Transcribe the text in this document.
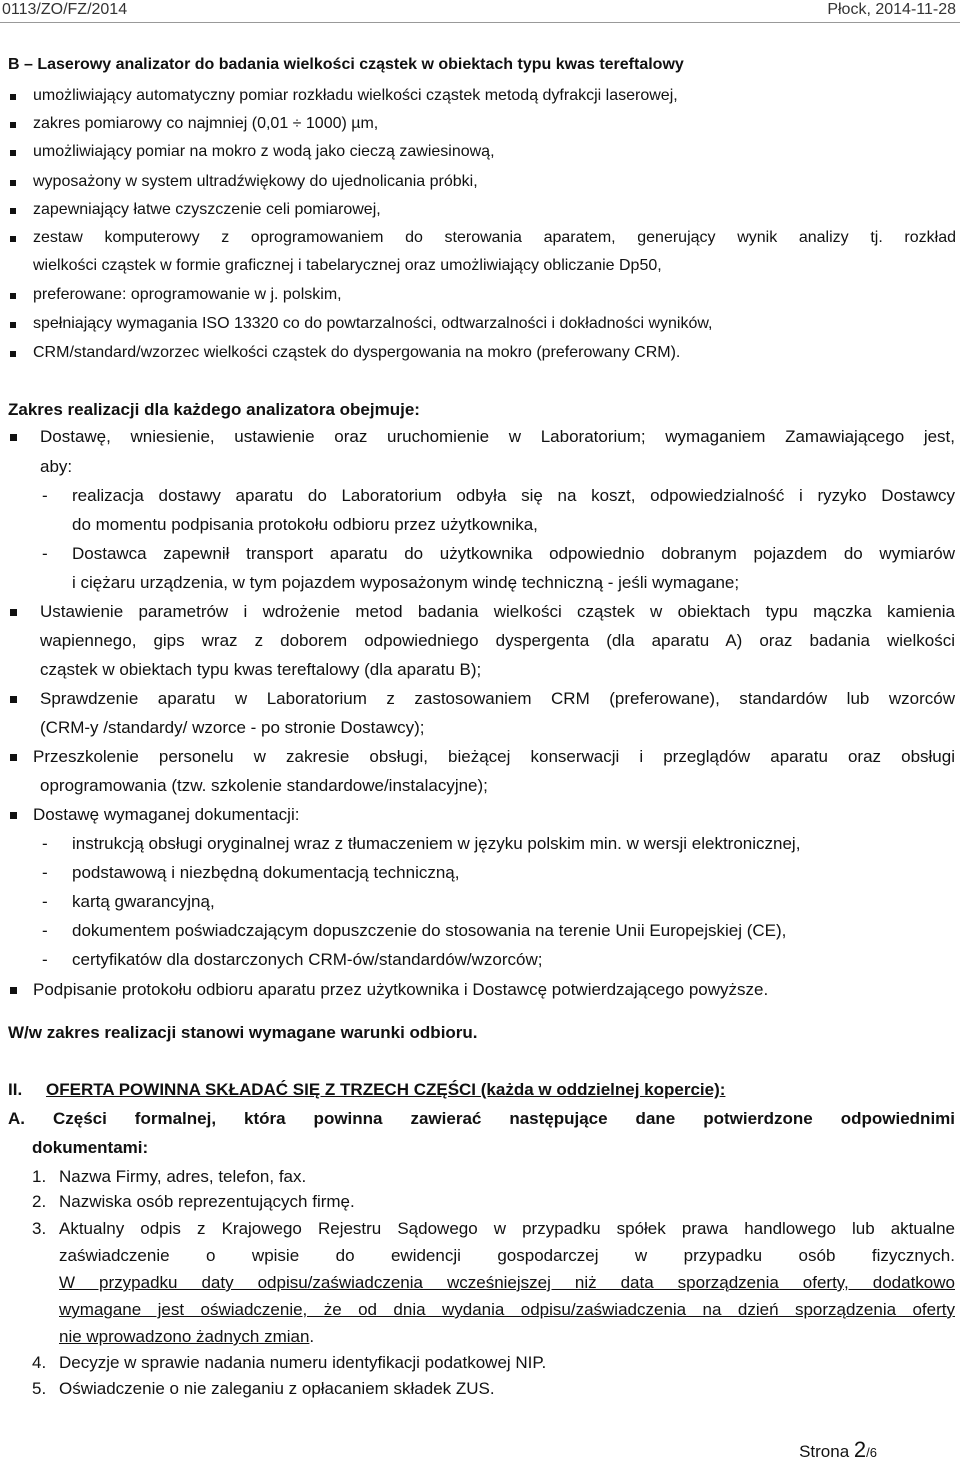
0113/ZO/FZ/2014	Płock, 2014-11-28
B – Laserowy analizator do badania wielkości cząstek w obiektach typu kwas tereftalowy
umożliwiający automatyczny pomiar rozkładu wielkości cząstek metodą dyfrakcji laserowej,
zakres pomiarowy co najmniej (0,01 ÷ 1000) µm,
umożliwiający pomiar na mokro z wodą jako cieczą zawiesinową,
wyposażony w system ultradźwiękowy do ujednolicania próbki,
zapewniający łatwe czyszczenie celi pomiarowej,
zestaw komputerowy z oprogramowaniem do sterowania aparatem, generujący wynik analizy tj. rozkład
wielkości cząstek w formie graficznej i tabelarycznej oraz umożliwiający obliczanie Dp50,
preferowane: oprogramowanie w j. polskim,
spełniający wymagania ISO 13320 co do powtarzalności, odtwarzalności i dokładności wyników,
CRM/standard/wzorzec wielkości cząstek do dyspergowania na mokro (preferowany CRM).
Zakres realizacji dla każdego analizatora obejmuje:
Dostawę, wniesienie, ustawienie oraz uruchomienie w Laboratorium; wymaganiem Zamawiającego jest,
aby:
- realizacja dostawy aparatu do Laboratorium odbyła się na koszt, odpowiedzialność i ryzyko Dostawcy
do momentu podpisania protokołu odbioru przez użytkownika,
- Dostawca zapewnił transport aparatu do użytkownika odpowiednio dobranym pojazdem do wymiarów
i ciężaru urządzenia, w tym pojazdem wyposażonym windę techniczną - jeśli wymagane;
Ustawienie parametrów i wdrożenie metod badania wielkości cząstek w obiektach typu mączka kamienia
wapiennego, gips wraz z doborem odpowiedniego dyspergenta (dla aparatu A) oraz badania wielkości
cząstek w obiektach typu kwas tereftalowy (dla aparatu B);
Sprawdzenie aparatu w Laboratorium z zastosowaniem CRM (preferowane), standardów lub wzorców
(CRM-y /standardy/ wzorce - po stronie Dostawcy);
Przeszkolenie personelu w zakresie obsługi, bieżącej konserwacji i przeglądów aparatu oraz obsługi
oprogramowania (tzw. szkolenie standardowe/instalacyjne);
Dostawę wymaganej dokumentacji:
- instrukcją obsługi oryginalnej wraz z tłumaczeniem w języku polskim min. w wersji elektronicznej,
- podstawową i niezbędną dokumentacją techniczną,
- kartą gwarancyjną,
- dokumentem poświadczającym dopuszczenie do stosowania na terenie Unii Europejskiej (CE),
- certyfikatów dla dostarczonych CRM-ów/standardów/wzorców;
Podpisanie protokołu odbioru aparatu przez użytkownika i Dostawcę potwierdzającego powyższe.
W/w zakres realizacji stanowi wymagane warunki odbioru.
II. OFERTA POWINNA SKŁADAĆ SIĘ Z TRZECH CZĘŚCI (każda w oddzielnej kopercie):
A. Części formalnej, która powinna zawierać następujące dane potwierdzone odpowiednimi
dokumentami:
1. Nazwa Firmy, adres, telefon, fax.
2. Nazwiska osób reprezentujących firmę.
3. Aktualny odpis z Krajowego Rejestru Sądowego w przypadku spółek prawa handlowego lub aktualne
zaświadczenie o wpisie do ewidencji gospodarczej w przypadku osób fizycznych.
W przypadku daty odpisu/zaświadczenia wcześniejszej niż data sporządzenia oferty, dodatkowo
wymagane jest oświadczenie, że od dnia wydania odpisu/zaświadczenia na dzień sporządzenia oferty
nie wprowadzono żadnych zmian.
4. Decyzje w sprawie nadania numeru identyfikacji podatkowej NIP.
5. Oświadczenie o nie zaleganiu z opłacaniem składek ZUS.
Strona 2/6
